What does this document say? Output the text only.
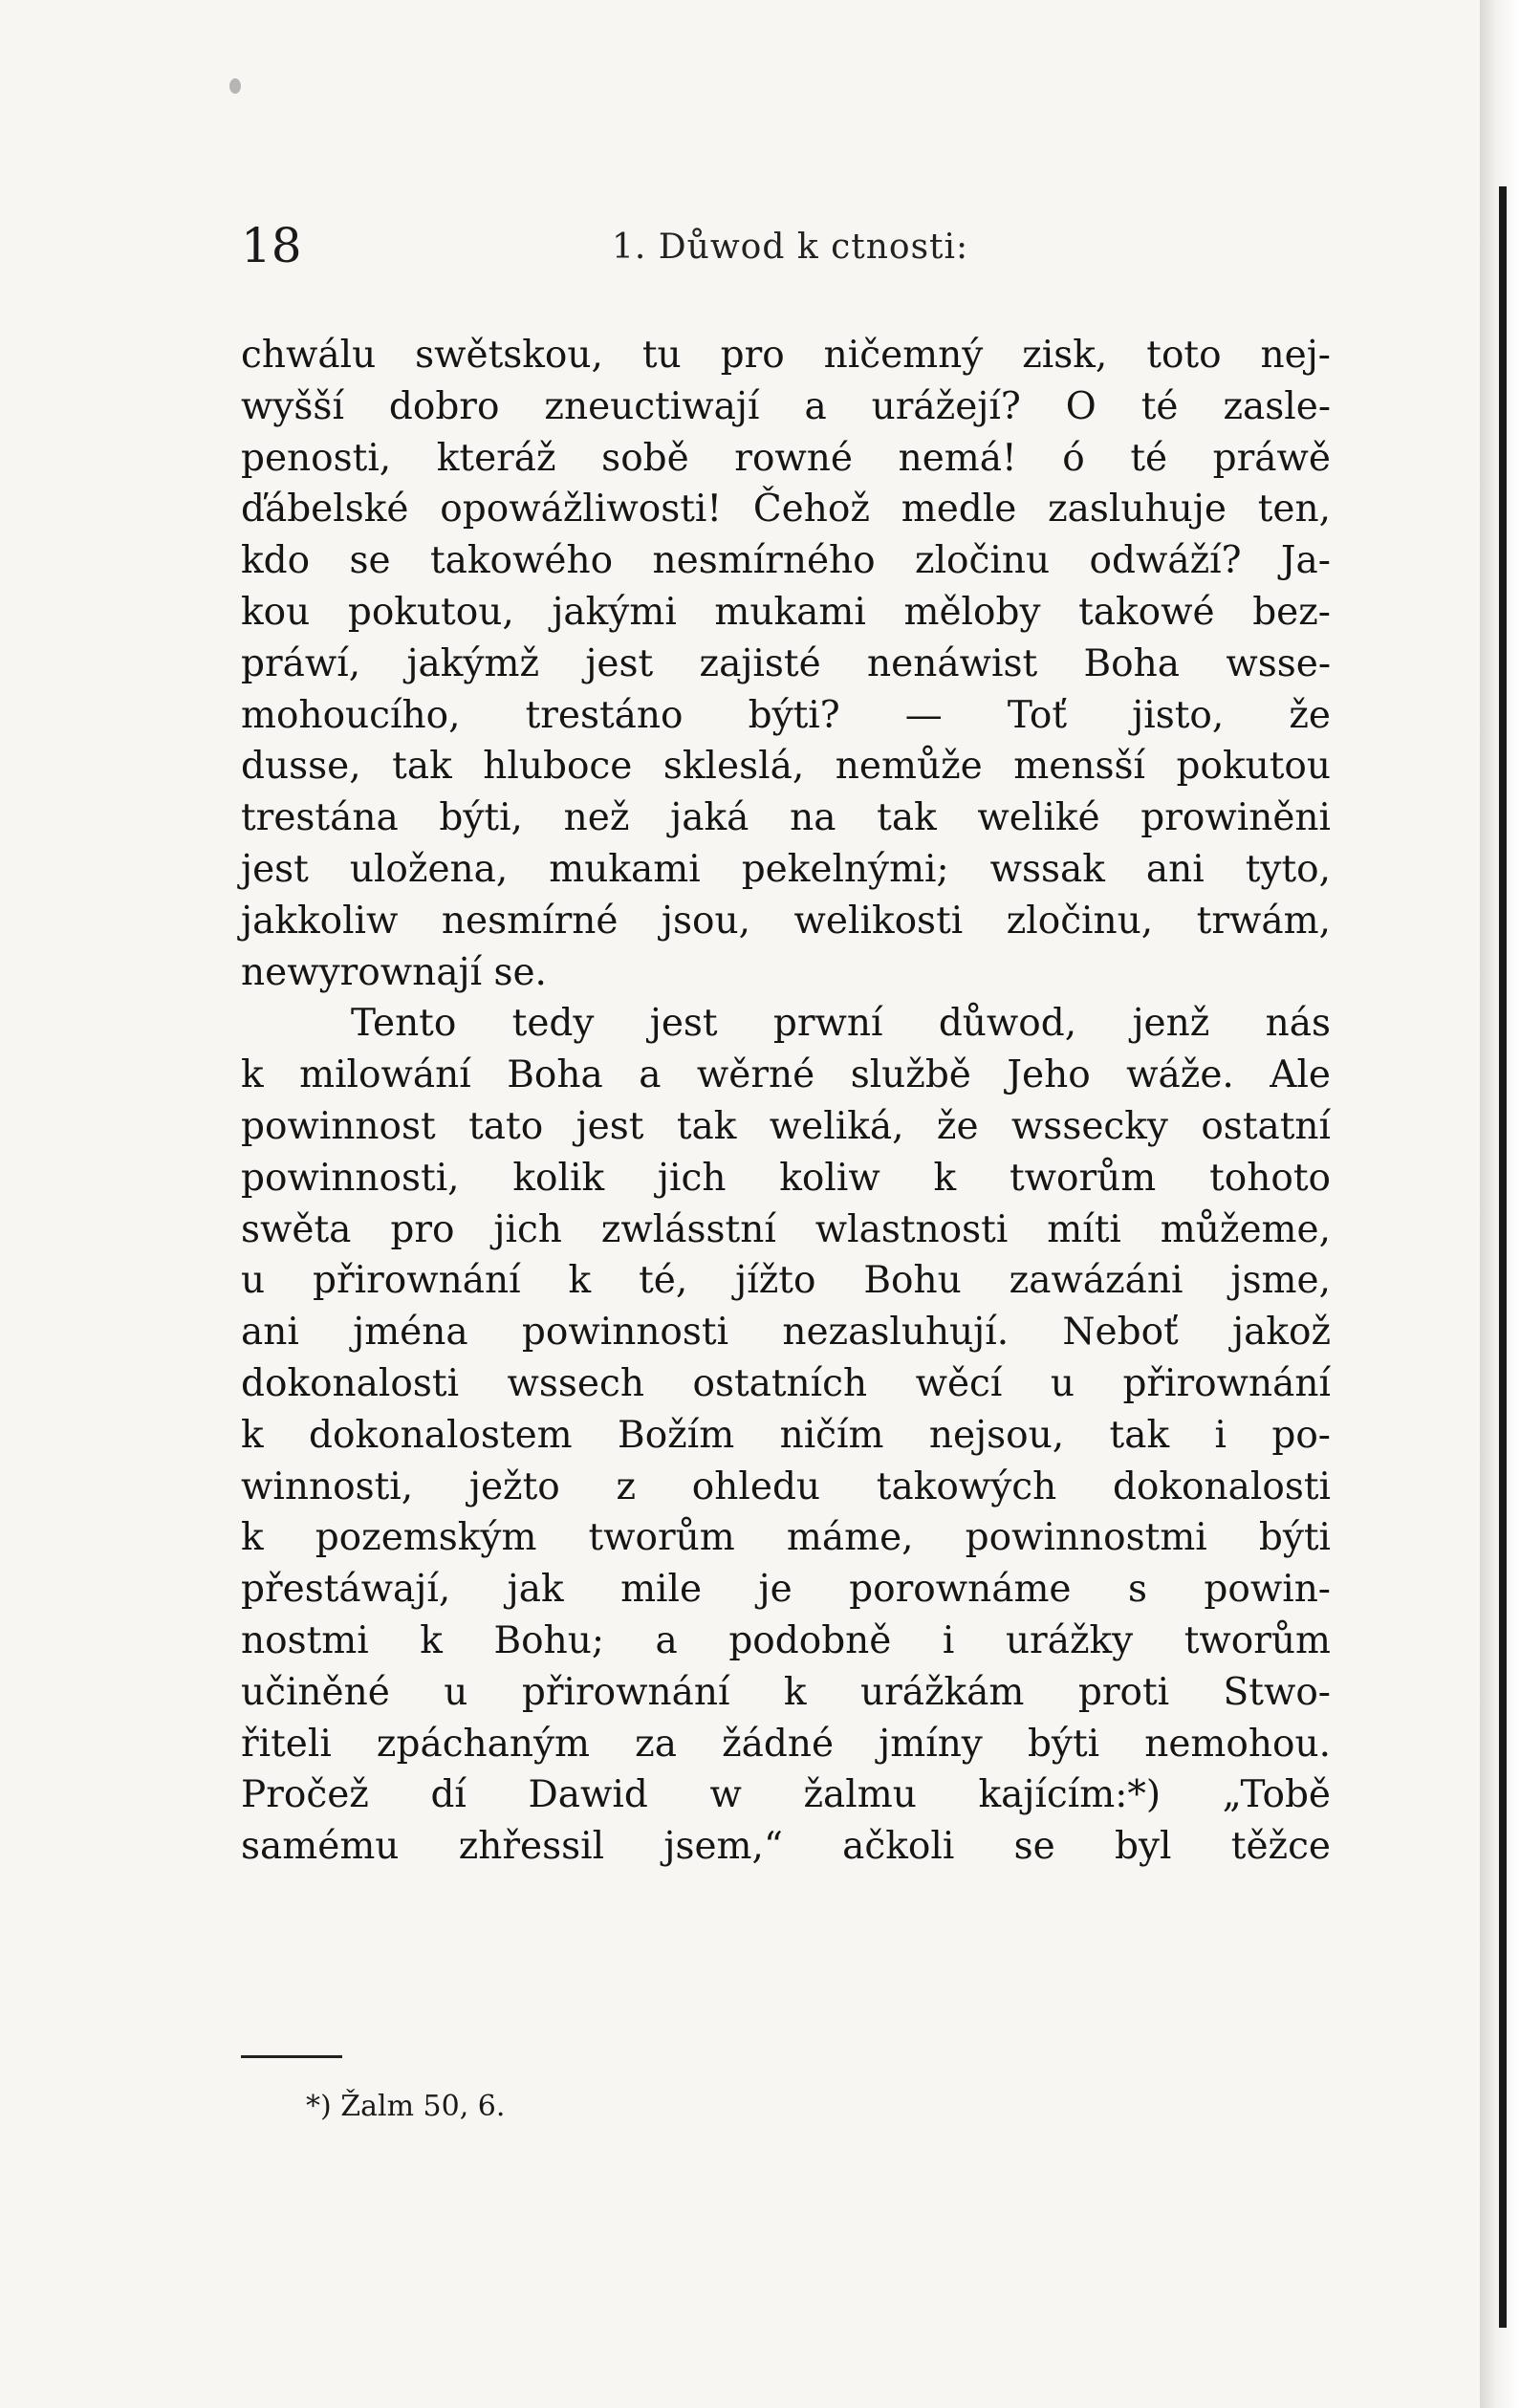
18	1. Důwod k ctnosti:
chwálu swětskou, tu pro ničemný zisk, toto nej-
wyšší dobro zneuctiwají a urážejí? O té zasle-
penosti, kteráž sobě rowné nemá! ó té práwě
ďábelské opowážliwosti! Čehož medle zasluhuje ten,
kdo se takowého nesmírného zločinu odwáží? Ja-
kou pokutou, jakými mukami měloby takowé bez-
práwí, jakýmž jest zajisté nenáwist Boha wsse-
mohoucího, trestáno býti? — Toť jisto, že
dusse, tak hluboce skleslá, nemůže mensší pokutou
trestána býti, než jaká na tak weliké prowiněni
jest uložena, mukami pekelnými; wssak ani tyto,
jakkoliw nesmírné jsou, welikosti zločinu, trwám,
newyrownají se.
Tento tedy jest prwní důwod, jenž nás
k milowání Boha a wěrné službě Jeho wáže. Ale
powinnost tato jest tak weliká, že wssecky ostatní
powinnosti, kolik jich koliw k tworům tohoto
swěta pro jich zwlásstní wlastnosti míti můžeme,
u přirownání k té, jížto Bohu zawázáni jsme,
ani jména powinnosti nezasluhují. Neboť jakož
dokonalosti wssech ostatních wěcí u přirownání
k dokonalostem Božím ničím nejsou, tak i po-
winnosti, ježto z ohledu takowých dokonalosti
k pozemským tworům máme, powinnostmi býti
přestáwají, jak mile je porownáme s powin-
nostmi k Bohu; a podobně i urážky tworům
učiněné u přirownání k urážkám proti Stwo-
řiteli zpáchaným za žádné jmíny býti nemohou.
Pročež dí Dawid w žalmu kajícím:*) „Tobě
samému zhřessil jsem,“ ačkoli se byl těžce
*) Žalm 50, 6.
